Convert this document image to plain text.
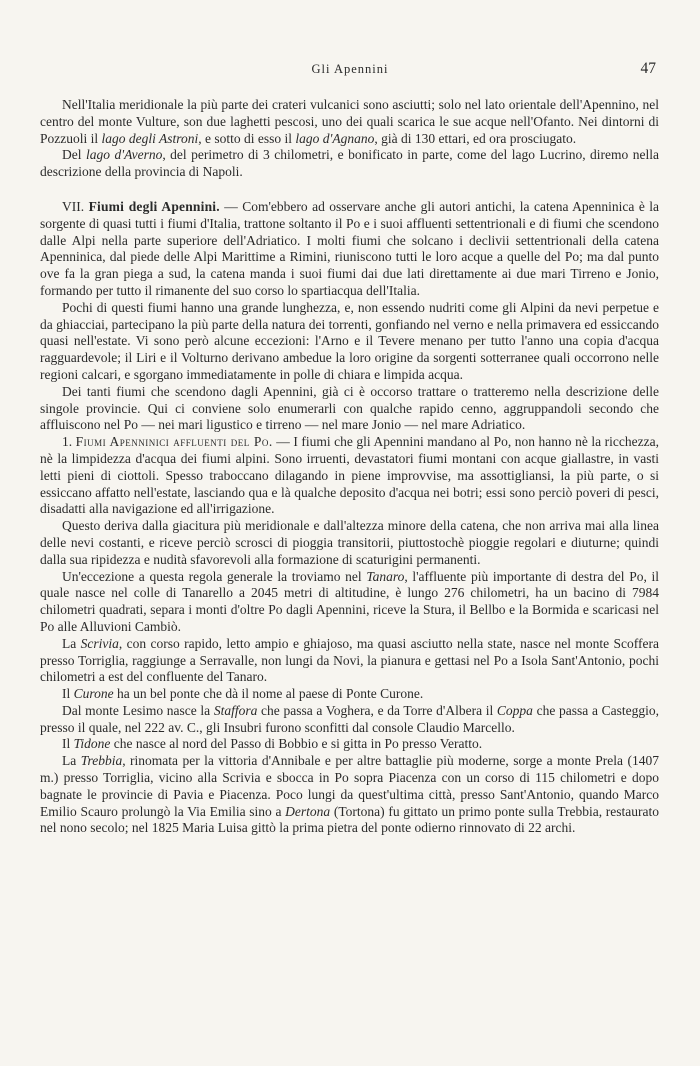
Gli Apennini	47

Nell'Italia meridionale la più parte dei crateri vulcanici sono asciutti; solo nel lato orientale dell'Apennino, nel centro del monte Vulture, son due laghetti pescosi, uno dei quali scarica le sue acque nell'Ofanto. Nei dintorni di Pozzuoli il lago degli Astroni, e sotto di esso il lago d'Agnano, già di 130 ettari, ed ora prosciugato.

Del lago d'Averno, del perimetro di 3 chilometri, e bonificato in parte, come del lago Lucrino, diremo nella descrizione della provincia di Napoli.

VII. Fiumi degli Apennini. — Com'ebbero ad osservare anche gli autori antichi, la catena Apenninica è la sorgente di quasi tutti i fiumi d'Italia, trattone soltanto il Po e i suoi affluenti settentrionali e di fiumi che scendono dalle Alpi nella parte superiore dell'Adriatico. I molti fiumi che solcano i declivii settentrionali della catena Apenninica, dal piede delle Alpi Marittime a Rimini, riuniscono tutti le loro acque a quelle del Po; ma dal punto ove fa la gran piega a sud, la catena manda i suoi fiumi dai due lati direttamente ai due mari Tirreno e Jonio, formando per tutto il rimanente del suo corso lo spartiacqua dell'Italia.

Pochi di questi fiumi hanno una grande lunghezza, e, non essendo nudriti come gli Alpini da nevi perpetue e da ghiacciai, partecipano la più parte della natura dei torrenti, gonfiando nel verno e nella primavera ed essiccando quasi nell'estate. Vi sono però alcune eccezioni: l'Arno e il Tevere menano per tutto l'anno una copia d'acqua ragguardevole; il Liri e il Volturno derivano ambedue la loro origine da sorgenti sotterranee quali occorrono nelle regioni calcari, e sgorgano immediatamente in polle di chiara e limpida acqua.

Dei tanti fiumi che scendono dagli Apennini, già ci è occorso trattare o tratteremo nella descrizione delle singole provincie. Qui ci conviene solo enumerarli con qualche rapido cenno, aggruppandoli secondo che affluiscono nel Po — nei mari ligustico e tirreno — nel mare Jonio — nel mare Adriatico.

1. Fiumi Apenninici affluenti del Po. — I fiumi che gli Apennini mandano al Po, non hanno nè la ricchezza, nè la limpidezza d'acqua dei fiumi alpini. Sono irruenti, devastatori fiumi montani con acque giallastre, in vasti letti pieni di ciottoli. Spesso traboccano dilagando in piene improvvise, ma assottigliansi, la più parte, o si essiccano affatto nell'estate, lasciando qua e là qualche deposito d'acqua nei botri; essi sono perciò poveri di pesci, disadatti alla navigazione ed all'irrigazione.

Questo deriva dalla giacitura più meridionale e dall'altezza minore della catena, che non arriva mai alla linea delle nevi costanti, e riceve perciò scrosci di pioggia transitorii, piuttostochè pioggie regolari e diuturne; quindi dalla sua ripidezza e nudità sfavorevoli alla formazione di scaturigini permanenti.

Un'eccezione a questa regola generale la troviamo nel Tanaro, l'affluente più importante di destra del Po, il quale nasce nel colle di Tanarello a 2045 metri di altitudine, è lungo 276 chilometri, ha un bacino di 7984 chilometri quadrati, separa i monti d'oltre Po dagli Apennini, riceve la Stura, il Bellbo e la Bormida e scaricasi nel Po alle Alluvioni Cambiò.

La Scrivia, con corso rapido, letto ampio e ghiajoso, ma quasi asciutto nella state, nasce nel monte Scoffera presso Torriglia, raggiunge a Serravalle, non lungi da Novi, la pianura e gettasi nel Po a Isola Sant'Antonio, pochi chilometri a est del confluente del Tanaro.

Il Curone ha un bel ponte che dà il nome al paese di Ponte Curone.

Dal monte Lesimo nasce la Staffora che passa a Voghera, e da Torre d'Albera il Coppa che passa a Casteggio, presso il quale, nel 222 av. C., gli Insubri furono sconfitti dal console Claudio Marcello.

Il Tidone che nasce al nord del Passo di Bobbio e si gitta in Po presso Veratto.

La Trebbia, rinomata per la vittoria d'Annibale e per altre battaglie più moderne, sorge a monte Prela (1407 m.) presso Torriglia, vicino alla Scrivia e sbocca in Po sopra Piacenza con un corso di 115 chilometri e dopo bagnate le provincie di Pavia e Piacenza. Poco lungi da quest'ultima città, presso Sant'Antonio, quando Marco Emilio Scauro prolungò la Via Emilia sino a Dertona (Tortona) fu gittato un primo ponte sulla Trebbia, restaurato nel nono secolo; nel 1825 Maria Luisa gittò la prima pietra del ponte odierno rinnovato di 22 archi.
